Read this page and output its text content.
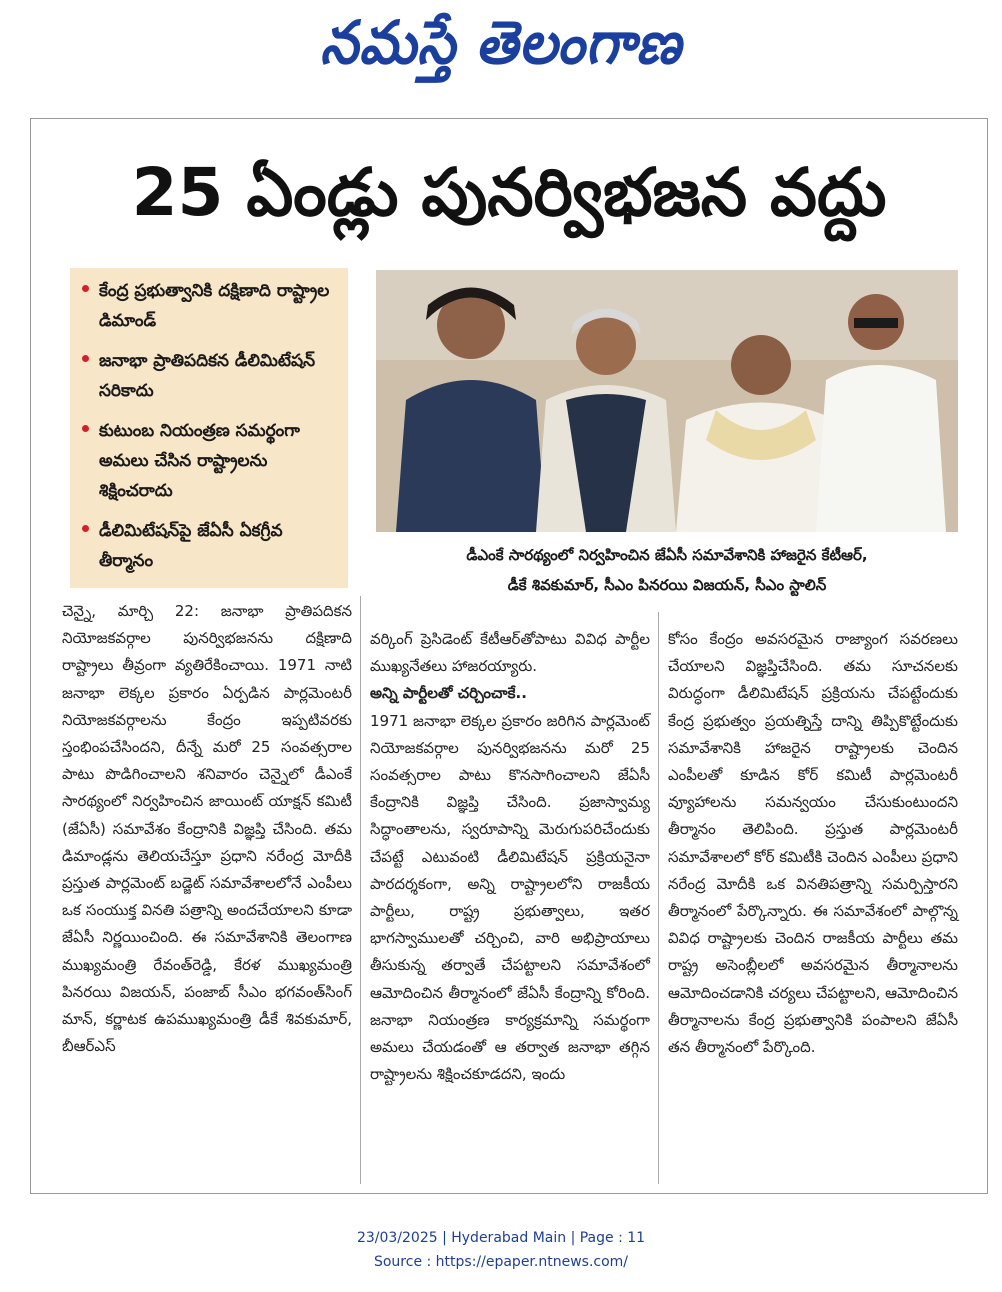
నమస్తే తెలంగాణ
25 ఏండ్లు పునర్విభజన వద్దు
కేంద్ర ప్రభుత్వానికి దక్షిణాది రాష్ట్రాల డిమాండ్
జనాభా ప్రాతిపదికన డీలిమిటేషన్ సరికాదు
కుటుంబ నియంత్రణ సమర్థంగా అమలు చేసిన రాష్ట్రాలను శిక్షించరాదు
డీలిమిటేషన్‌పై జేఏసీ ఏకగ్రీవ తీర్మానం	డీఎంకే సారథ్యంలో నిర్వహించిన జేఏసీ సమావేశానికి హాజరైన కేటీఆర్,
డీకే శివకుమార్, సీఎం పినరయి విజయన్, సీఎం స్టాలిన్

చెన్నై, మార్చి 22: జనాభా ప్రాతిపదికన నియోజకవర్గాల పునర్విభజనను దక్షిణాది రాష్ట్రాలు తీవ్రంగా వ్యతిరేకించాయి. 1971 నాటి జనాభా లెక్కల ప్రకారం ఏర్పడిన పార్లమెంటరీ నియోజకవర్గాలను కేంద్రం ఇప్పటివరకు స్తంభింపచేసిందని, దీన్నే మరో 25 సంవత్సరాల పాటు పొడిగించాలని శనివారం చెన్నైలో డీఎంకే సారథ్యంలో నిర్వహించిన జాయింట్ యాక్షన్ కమిటీ (జేఏసీ) సమావేశం కేంద్రానికి విజ్ఞప్తి చేసింది. తమ డిమాండ్లను తెలియచేస్తూ ప్రధాని నరేంద్ర మోదీకి ప్రస్తుత పార్లమెంట్ బడ్జెట్ సమావేశాలలోనే ఎంపీలు ఒక సంయుక్త వినతి పత్రాన్ని అందచేయాలని కూడా జేఏసీ నిర్ణయించింది. ఈ సమావేశానికి తెలంగాణ ముఖ్యమంత్రి రేవంత్‌రెడ్డి, కేరళ ముఖ్యమంత్రి పినరయి విజయన్, పంజాబ్ సీఎం భగవంత్‌సింగ్ మాన్, కర్ణాటక ఉపముఖ్యమంత్రి డీకే శివకుమార్, బీఆర్‌ఎస్

వర్కింగ్ ప్రెసిడెంట్ కేటీఆర్‌తోపాటు వివిధ పార్టీల ముఖ్యనేతలు హాజరయ్యారు.

అన్ని పార్టీలతో చర్చించాకే..

1971 జనాభా లెక్కల ప్రకారం జరిగిన పార్లమెంట్ నియోజకవర్గాల పునర్విభజనను మరో 25 సంవత్సరాల పాటు కొనసాగించాలని జేఏసీ కేంద్రానికి విజ్ఞప్తి చేసింది. ప్రజాస్వామ్య సిద్ధాంతాలను, స్వరూపాన్ని మెరుగుపరిచేందుకు చేపట్టే ఎటువంటి డీలిమిటేషన్ ప్రక్రియనైనా పారదర్శకంగా, అన్ని రాష్ట్రాలలోని రాజకీయ పార్టీలు, రాష్ట్ర ప్రభుత్వాలు, ఇతర భాగస్వాములతో చర్చించి, వారి అభిప్రాయాలు తీసుకున్న తర్వాతే చేపట్టాలని సమావేశంలో ఆమోదించిన తీర్మానంలో జేఏసీ కేంద్రాన్ని కోరింది. జనాభా నియంత్రణ కార్యక్రమాన్ని సమర్థంగా అమలు చేయడంతో ఆ తర్వాత జనాభా తగ్గిన రాష్ట్రాలను శిక్షించకూడదని, ఇందు

కోసం కేంద్రం అవసరమైన రాజ్యాంగ సవరణలు చేయాలని విజ్ఞప్తిచేసింది. తమ సూచనలకు విరుద్ధంగా డీలిమిటేషన్ ప్రక్రియను చేపట్టేందుకు కేంద్ర ప్రభుత్వం ప్రయత్నిస్తే దాన్ని తిప్పికొట్టేందుకు సమావేశానికి హాజరైన రాష్ట్రాలకు చెందిన ఎంపీలతో కూడిన కోర్ కమిటీ పార్లమెంటరీ వ్యూహాలను సమన్వయం చేసుకుంటుందని తీర్మానం తెలిపింది. ప్రస్తుత పార్లమెంటరీ సమావేశాలలో కోర్ కమిటీకి చెందిన ఎంపీలు ప్రధాని నరేంద్ర మోదీకి ఒక వినతిపత్రాన్ని సమర్పిస్తారని తీర్మానంలో పేర్కొన్నారు. ఈ సమావేశంలో పాల్గొన్న వివిధ రాష్ట్రాలకు చెందిన రాజకీయ పార్టీలు తమ రాష్ట్ర అసెంబ్లీలలో అవసరమైన తీర్మానాలను ఆమోదించడానికి చర్యలు చేపట్టాలని, ఆమోదించిన తీర్మానాలను కేంద్ర ప్రభుత్వానికి పంపాలని జేఏసీ తన తీర్మానంలో పేర్కొంది.

23/03/2025 | Hyderabad Main | Page : 11
Source : https://epaper.ntnews.com/
